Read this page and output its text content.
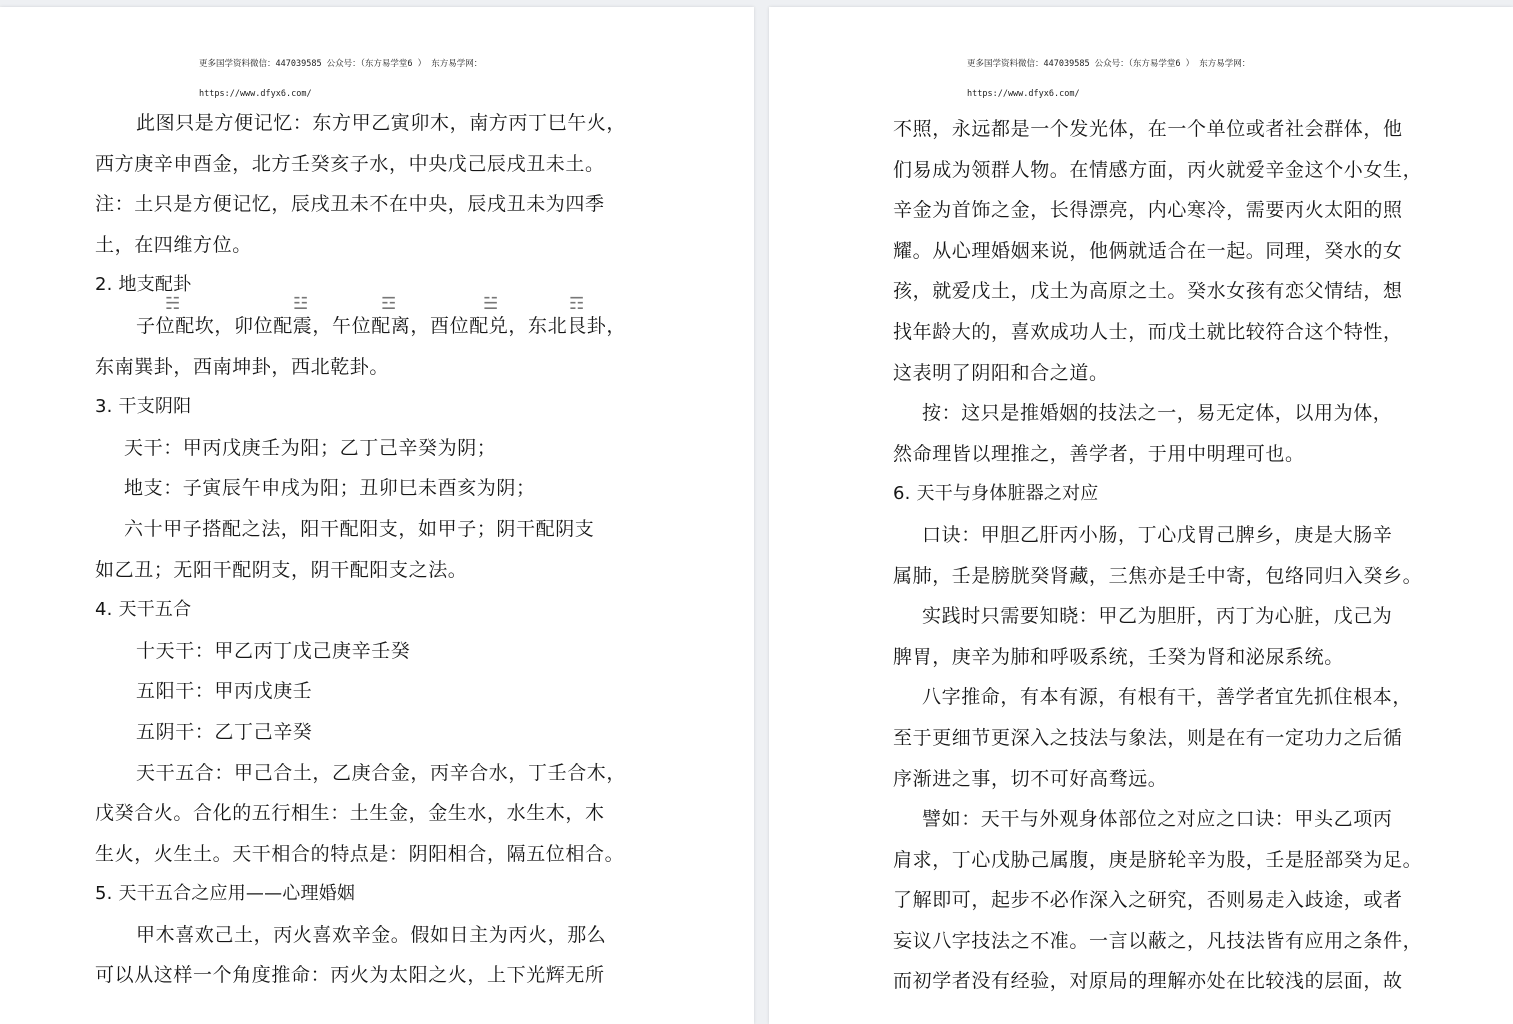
更多国学资料微信：447039585 公众号：（东方易学堂6 ） 东方易学网：

https://www.dfyx6.com/

☵	☳	☲	☱	☶
此图只是方便记忆：东方甲乙寅卯木，南方丙丁巳午火，
西方庚辛申酉金，北方壬癸亥子水，中央戊己辰戌丑未土。
注：土只是方便记忆，辰戌丑未不在中央，辰戌丑未为四季
土，在四维方位。
2. 地支配卦
子位配坎，卯位配震，午位配离，酉位配兑，东北艮卦，
东南巽卦，西南坤卦，西北乾卦。
3. 干支阴阳
天干：甲丙戊庚壬为阳；乙丁己辛癸为阴；
地支：子寅辰午申戌为阳；丑卯巳未酉亥为阴；
六十甲子搭配之法，阳干配阳支，如甲子；阴干配阴支
如乙丑；无阳干配阴支，阴干配阳支之法。
4. 天干五合
十天干：甲乙丙丁戊己庚辛壬癸
五阳干：甲丙戊庚壬
五阴干：乙丁己辛癸
天干五合：甲己合土，乙庚合金，丙辛合水，丁壬合木，
戊癸合火。合化的五行相生：土生金，金生水，水生木，木
生火，火生土。天干相合的特点是：阴阳相合，隔五位相合。
5. 天干五合之应用——心理婚姻
甲木喜欢己土，丙火喜欢辛金。假如日主为丙火，那么
可以从这样一个角度推命：丙火为太阳之火，上下光辉无所

更多国学资料微信：447039585 公众号：（东方易学堂6 ） 东方易学网：

https://www.dfyx6.com/

不照，永远都是一个发光体，在一个单位或者社会群体，他
们易成为领群人物。在情感方面，丙火就爱辛金这个小女生，
辛金为首饰之金，长得漂亮，内心寒冷，需要丙火太阳的照
耀。从心理婚姻来说，他俩就适合在一起。同理，癸水的女
孩，就爱戊土，戊土为高原之土。癸水女孩有恋父情结，想
找年龄大的，喜欢成功人士，而戊土就比较符合这个特性，
这表明了阴阳和合之道。
按：这只是推婚姻的技法之一，易无定体，以用为体，
然命理皆以理推之，善学者，于用中明理可也。
6. 天干与身体脏器之对应
口诀：甲胆乙肝丙小肠，丁心戊胃己脾乡，庚是大肠辛
属肺，壬是膀胱癸肾藏，三焦亦是壬中寄，包络同归入癸乡。
实践时只需要知晓：甲乙为胆肝，丙丁为心脏，戊己为
脾胃，庚辛为肺和呼吸系统，壬癸为肾和泌尿系统。
八字推命，有本有源，有根有干，善学者宜先抓住根本，
至于更细节更深入之技法与象法，则是在有一定功力之后循
序渐进之事，切不可好高骛远。
譬如：天干与外观身体部位之对应之口诀：甲头乙项丙
肩求，丁心戊胁己属腹，庚是脐轮辛为股，壬是胫部癸为足。
了解即可，起步不必作深入之研究，否则易走入歧途，或者
妄议八字技法之不准。一言以蔽之，凡技法皆有应用之条件，
而初学者没有经验，对原局的理解亦处在比较浅的层面，故
